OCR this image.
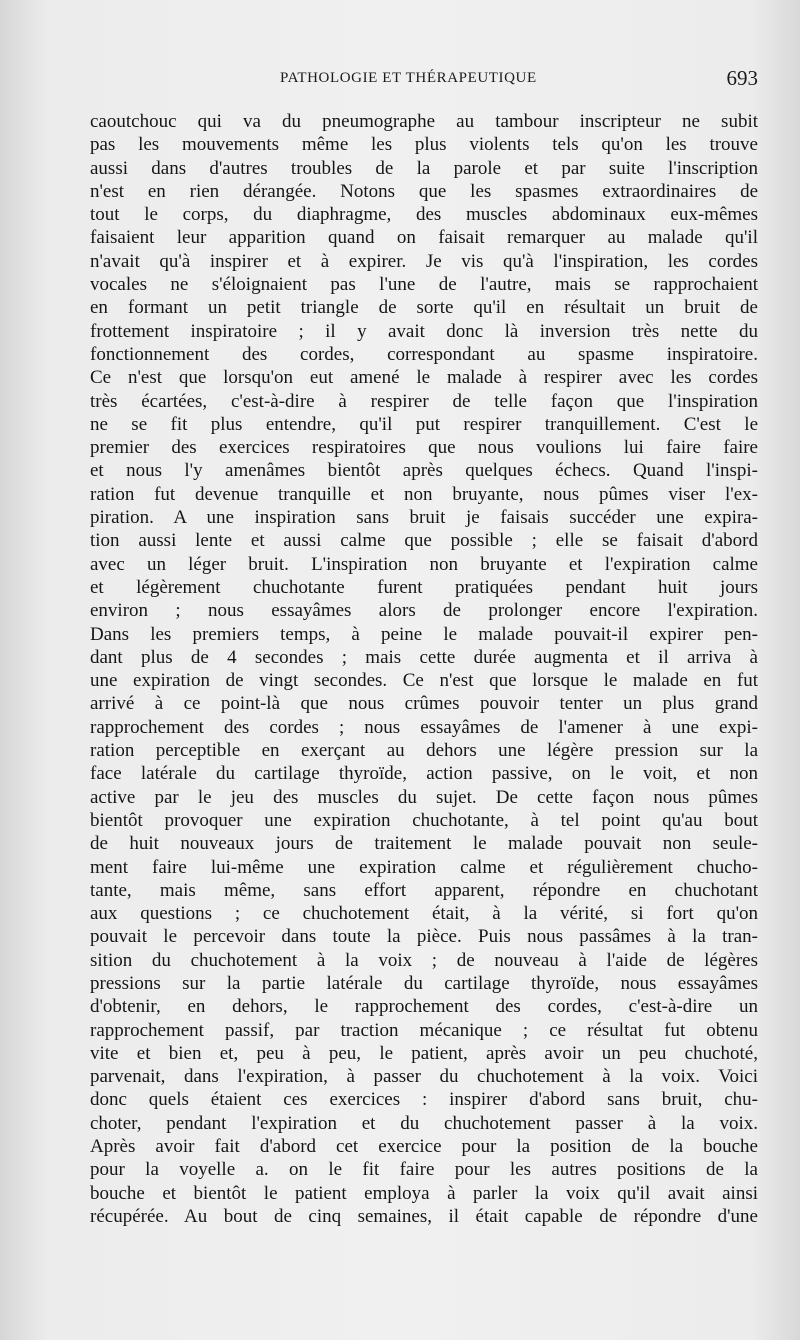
PATHOLOGIE ET THÉRAPEUTIQUE	693
caoutchouc qui va du pneumographe au tambour inscripteur ne subit
pas les mouvements même les plus violents tels qu'on les trouve
aussi dans d'autres troubles de la parole et par suite l'inscription
n'est en rien dérangée. Notons que les spasmes extraordinaires de
tout le corps, du diaphragme, des muscles abdominaux eux-mêmes
faisaient leur apparition quand on faisait remarquer au malade qu'il
n'avait qu'à inspirer et à expirer. Je vis qu'à l'inspiration, les cordes
vocales ne s'éloignaient pas l'une de l'autre, mais se rapprochaient
en formant un petit triangle de sorte qu'il en résultait un bruit de
frottement inspiratoire ; il y avait donc là inversion très nette du
fonctionnement des cordes, correspondant au spasme inspiratoire.
Ce n'est que lorsqu'on eut amené le malade à respirer avec les cordes
très écartées, c'est-à-dire à respirer de telle façon que l'inspiration
ne se fit plus entendre, qu'il put respirer tranquillement. C'est le
premier des exercices respiratoires que nous voulions lui faire faire
et nous l'y amenâmes bientôt après quelques échecs. Quand l'inspi-
ration fut devenue tranquille et non bruyante, nous pûmes viser l'ex-
piration. A une inspiration sans bruit je faisais succéder une expira-
tion aussi lente et aussi calme que possible ; elle se faisait d'abord
avec un léger bruit. L'inspiration non bruyante et l'expiration calme
et légèrement chuchotante furent pratiquées pendant huit jours
environ ; nous essayâmes alors de prolonger encore l'expiration.
Dans les premiers temps, à peine le malade pouvait-il expirer pen-
dant plus de 4 secondes ; mais cette durée augmenta et il arriva à
une expiration de vingt secondes. Ce n'est que lorsque le malade en fut
arrivé à ce point-là que nous crûmes pouvoir tenter un plus grand
rapprochement des cordes ; nous essayâmes de l'amener à une expi-
ration perceptible en exerçant au dehors une légère pression sur la
face latérale du cartilage thyroïde, action passive, on le voit, et non
active par le jeu des muscles du sujet. De cette façon nous pûmes
bientôt provoquer une expiration chuchotante, à tel point qu'au bout
de huit nouveaux jours de traitement le malade pouvait non seule-
ment faire lui-même une expiration calme et régulièrement chucho-
tante, mais même, sans effort apparent, répondre en chuchotant
aux questions ; ce chuchotement était, à la vérité, si fort qu'on
pouvait le percevoir dans toute la pièce. Puis nous passâmes à la tran-
sition du chuchotement à la voix ; de nouveau à l'aide de légères
pressions sur la partie latérale du cartilage thyroïde, nous essayâmes
d'obtenir, en dehors, le rapprochement des cordes, c'est-à-dire un
rapprochement passif, par traction mécanique ; ce résultat fut obtenu
vite et bien et, peu à peu, le patient, après avoir un peu chuchoté,
parvenait, dans l'expiration, à passer du chuchotement à la voix. Voici
donc quels étaient ces exercices : inspirer d'abord sans bruit, chu-
choter, pendant l'expiration et du chuchotement passer à la voix.
Après avoir fait d'abord cet exercice pour la position de la bouche
pour la voyelle a. on le fit faire pour les autres positions de la
bouche et bientôt le patient employa à parler la voix qu'il avait ainsi
récupérée. Au bout de cinq semaines, il était capable de répondre d'une
